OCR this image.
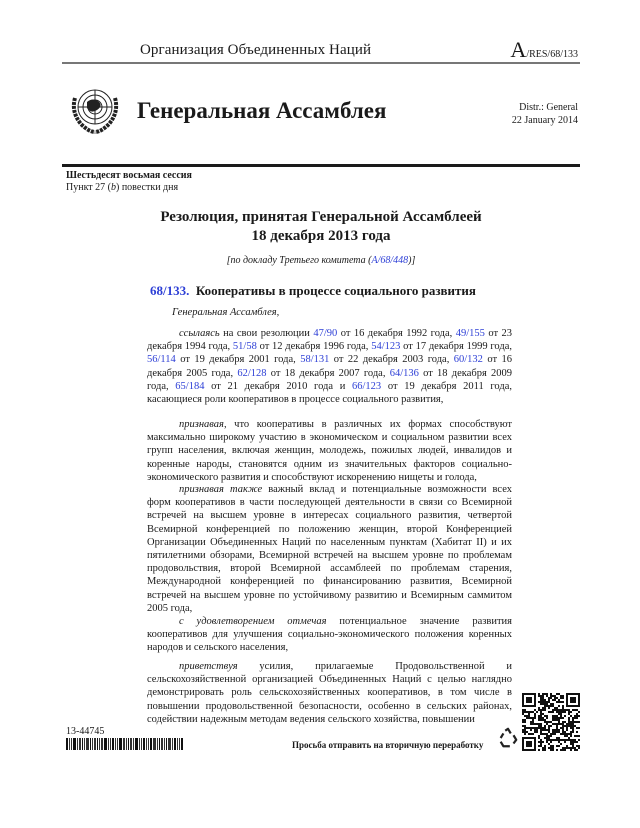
Организация Объединенных Наций	A/RES/68/133
Генеральная Ассамблея	Distr.: General
22 January 2014
Шестьдесят восьмая сессия
Пункт 27 (b) повестки дня
Резолюция, принятая Генеральной Ассамблеей
18 декабря 2013 года
[по докладу Третьего комитета (A/68/448)]
68/133. Кооперативы в процессе социального развития
Генеральная Ассамблея,

ссылаясь на свои резолюции 47/90 от 16 декабря 1992 года, 49/155 от 23 декабря 1994 года, 51/58 от 12 декабря 1996 года, 54/123 от 17 декабря 1999 года, 56/114 от 19 декабря 2001 года, 58/131 от 22 декабря 2003 года, 60/132 от 16 декабря 2005 года, 62/128 от 18 декабря 2007 года, 64/136 от 18 декабря 2009 года, 65/184 от 21 декабря 2010 года и 66/123 от 19 декабря 2011 года, касающиеся роли кооперативов в процессе социального развития,

признавая, что кооперативы в различных их формах способствуют максимально широкому участию в экономическом и социальном развитии всех групп населения, включая женщин, молодежь, пожилых людей, инвалидов и коренные народы, становятся одним из значительных факторов социально-экономического развития и способствуют искоренению нищеты и голода,

признавая также важный вклад и потенциальные возможности всех форм кооперативов в части последующей деятельности в связи со Всемирной встречей на высшем уровне в интересах социального развития, четвертой Всемирной конференцией по положению женщин, второй Конференцией Организации Объединенных Наций по населенным пунктам (Хабитат II) и их пятилетними обзорами, Всемирной встречей на высшем уровне по проблемам продовольствия, второй Всемирной ассамблеей по проблемам старения, Международной конференцией по финансированию развития, Всемирной встречей на высшем уровне по устойчивому развитию и Всемирным саммитом 2005 года,

с удовлетворением отмечая потенциальное значение развития кооперативов для улучшения социально-экономического положения коренных народов и сельского населения,

приветствуя усилия, прилагаемые Продовольственной и сельскохозяйственной организацией Объединенных Наций с целью наглядно демонстрировать роль сельскохозяйственных кооперативов, в том числе в повышении продовольственной безопасности, особенно в сельских районах, содействии надежным методам ведения сельского хозяйства, повышении

13-44745
Просьба отправить на вторичную переработку
